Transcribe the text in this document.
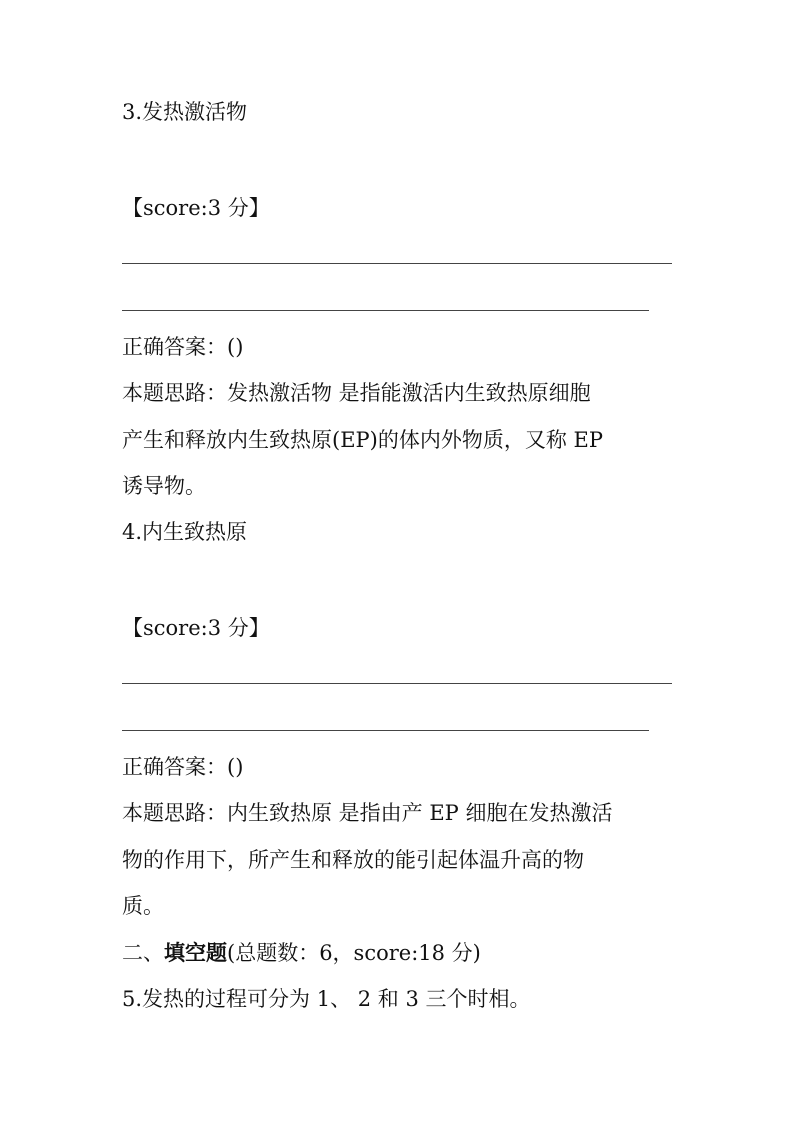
3.发热激活物
【score:3 分】
正确答案：()
本题思路：发热激活物 是指能激活内生致热原细胞
产生和释放内生致热原(EP)的体内外物质，又称 EP
诱导物。
4.内生致热原
【score:3 分】
正确答案：()
本题思路：内生致热原 是指由产 EP 细胞在发热激活
物的作用下，所产生和释放的能引起体温升高的物
质。
二、填空题(总题数：6，score:18 分)
5.发热的过程可分为 1、 2 和 3 三个时相。
